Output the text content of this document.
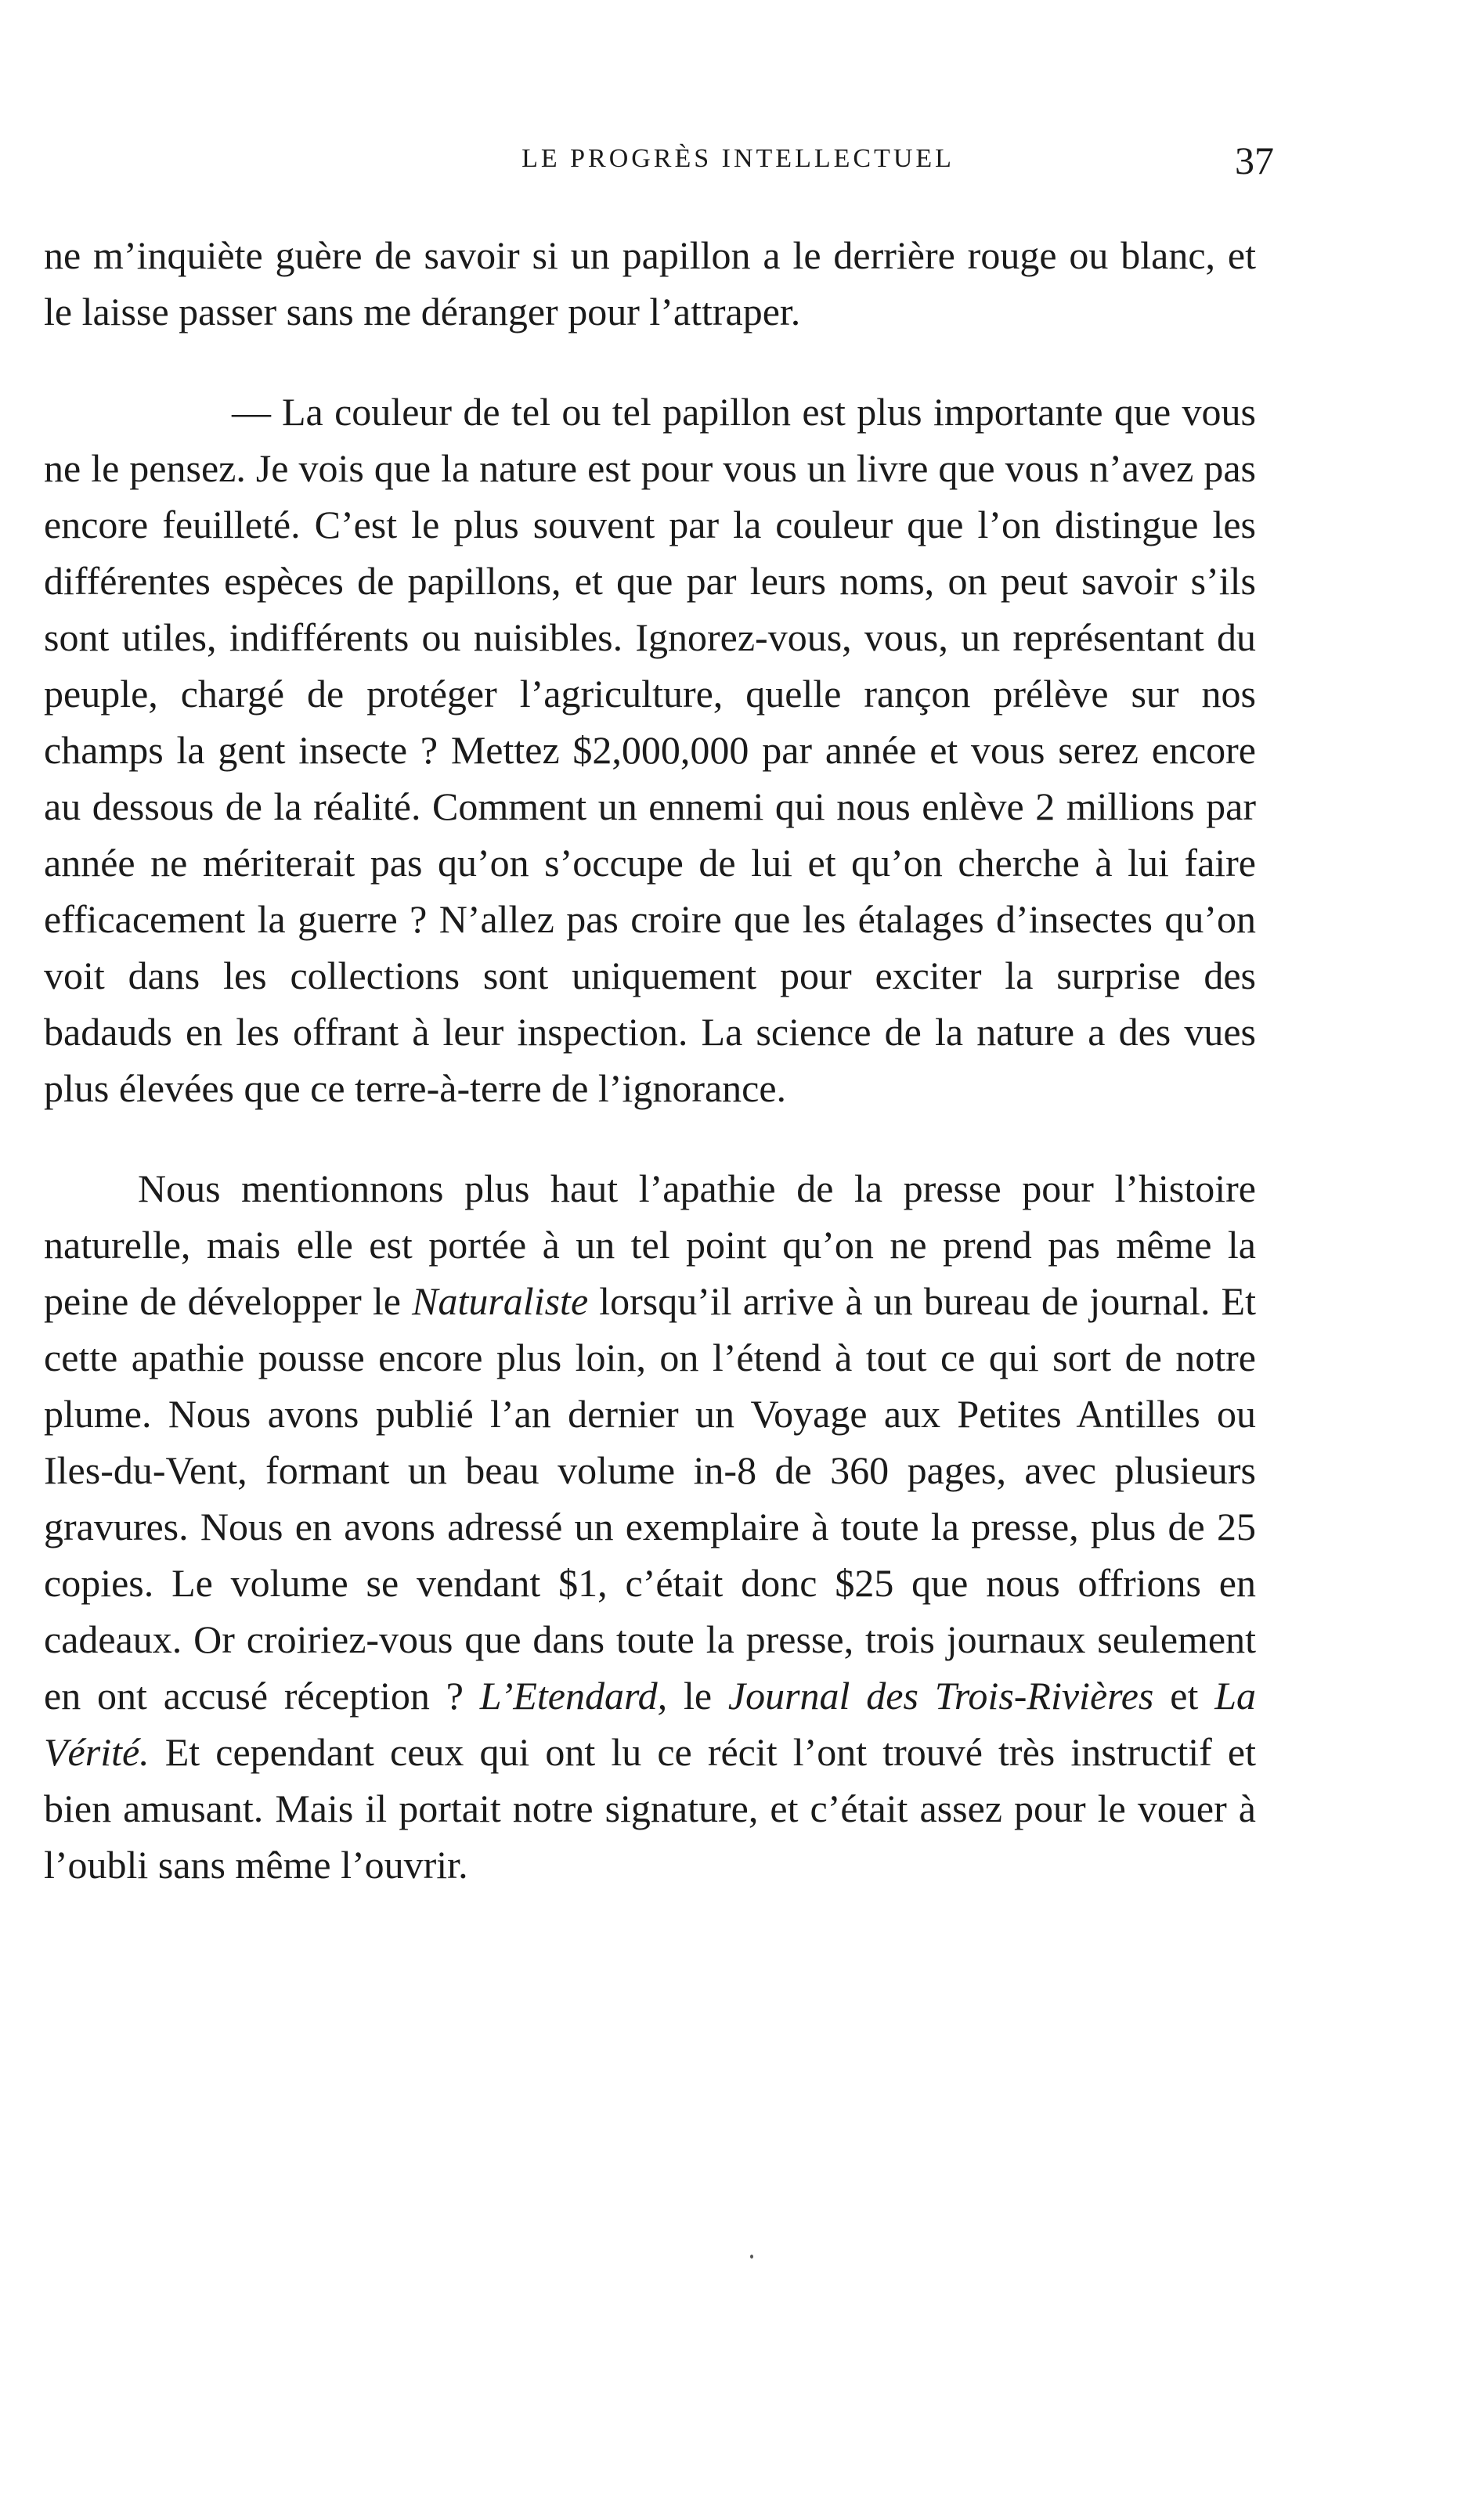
LE PROGRÈS INTELLECTUEL	37

ne m’inquiète guère de savoir si un papillon a le derrière rouge ou blanc, et le laisse passer sans me déranger pour l’attraper.

— La couleur de tel ou tel papillon est plus importante que vous ne le pensez. Je vois que la nature est pour vous un livre que vous n’avez pas encore feuilleté. C’est le plus souvent par la couleur que l’on distingue les différentes espèces de papillons, et que par leurs noms, on peut savoir s’ils sont utiles, indifférents ou nuisibles. Ignorez-vous, vous, un représentant du peuple, chargé de protéger l’agriculture, quelle rançon prélève sur nos champs la gent insecte ? Mettez $2,000,000 par année et vous serez encore au dessous de la réalité. Comment un ennemi qui nous enlève 2 millions par année ne mériterait pas qu’on s’occupe de lui et qu’on cherche à lui faire efficacement la guerre ? N’allez pas croire que les étalages d’insectes qu’on voit dans les collections sont uniquement pour exciter la surprise des badauds en les offrant à leur inspection. La science de la nature a des vues plus élevées que ce terre-à-terre de l’ignorance.

Nous mentionnons plus haut l’apathie de la presse pour l’histoire naturelle, mais elle est portée à un tel point qu’on ne prend pas même la peine de développer le Naturaliste lorsqu’il arrive à un bureau de journal. Et cette apathie pousse encore plus loin, on l’étend à tout ce qui sort de notre plume. Nous avons publié l’an dernier un Voyage aux Petites Antilles ou Iles-du-Vent, formant un beau volume in-8 de 360 pages, avec plusieurs gravures. Nous en avons adressé un exemplaire à toute la presse, plus de 25 copies. Le volume se vendant $1, c’était donc $25 que nous offrions en cadeaux. Or croiriez-vous que dans toute la presse, trois journaux seulement en ont accusé réception ? L’Etendard, le Journal des Trois-Rivières et La Vérité. Et cependant ceux qui ont lu ce récit l’ont trouvé très instructif et bien amusant. Mais il portait notre signature, et c’était assez pour le vouer à l’oubli sans même l’ouvrir.
